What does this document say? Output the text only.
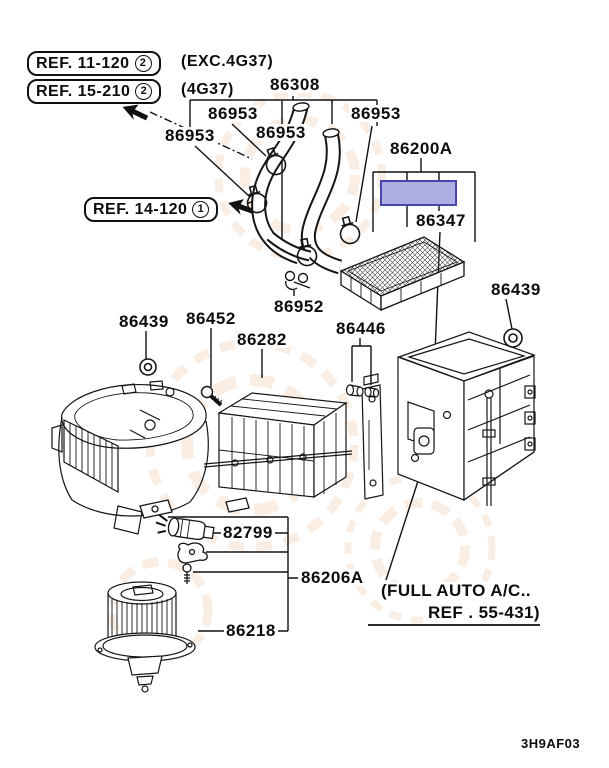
REF. 11-120 2	(EXC.4G37)
REF. 15-210 2	(4G37)
REF. 14-120 1
86308
86953	86953
86953 86953
86200A
86347
86952
86439 86452
86282
86446
86439
82799
86206A
86218
(FULL AUTO A/C..
REF . 55-431)
3H9AF03
